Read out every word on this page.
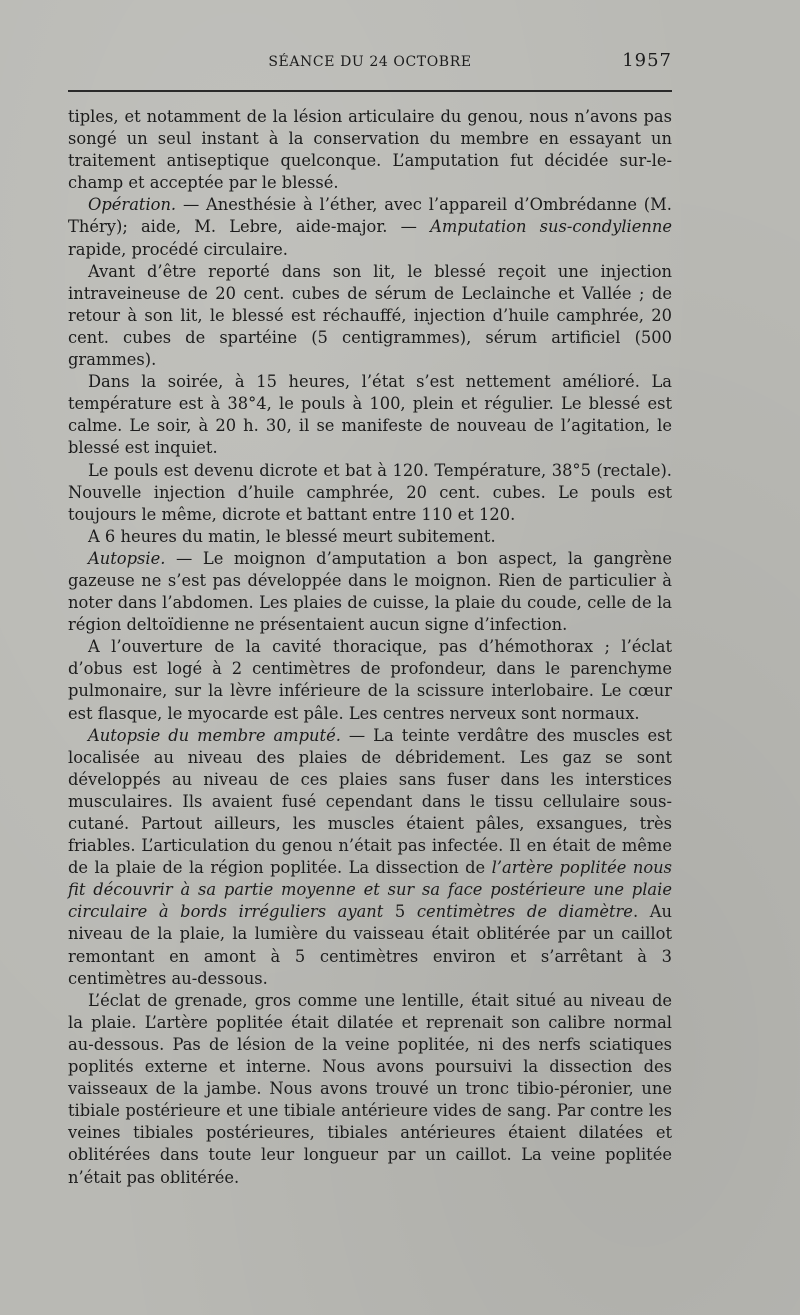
SÉANCE DU 24 OCTOBRE	1957

tiples, et notamment de la lésion articulaire du genou, nous n’avons pas songé un seul instant à la conservation du membre en essayant un traitement antiseptique quelconque. L’amputation fut décidée sur-le-champ et acceptée par le blessé.

Opération. — Anesthésie à l’éther, avec l’appareil d’Ombrédanne (M. Théry); aide, M. Lebre, aide-major. — Amputation sus-condylienne rapide, procédé circulaire.

Avant d’être reporté dans son lit, le blessé reçoit une injection intraveineuse de 20 cent. cubes de sérum de Leclainche et Vallée ; de retour à son lit, le blessé est réchauffé, injection d’huile camphrée, 20 cent. cubes de spartéine (5 centigrammes), sérum artificiel (500 grammes).

Dans la soirée, à 15 heures, l’état s’est nettement amélioré. La température est à 38°4, le pouls à 100, plein et régulier. Le blessé est calme. Le soir, à 20 h. 30, il se manifeste de nouveau de l’agitation, le blessé est inquiet.

Le pouls est devenu dicrote et bat à 120. Température, 38°5 (rectale). Nouvelle injection d’huile camphrée, 20 cent. cubes. Le pouls est toujours le même, dicrote et battant entre 110 et 120.

A 6 heures du matin, le blessé meurt subitement.

Autopsie. — Le moignon d’amputation a bon aspect, la gangrène gazeuse ne s’est pas développée dans le moignon. Rien de particulier à noter dans l’abdomen. Les plaies de cuisse, la plaie du coude, celle de la région deltoïdienne ne présentaient aucun signe d’infection.

A l’ouverture de la cavité thoracique, pas d’hémothorax ; l’éclat d’obus est logé à 2 centimètres de profondeur, dans le parenchyme pulmonaire, sur la lèvre inférieure de la scissure interlobaire. Le cœur est flasque, le myocarde est pâle. Les centres nerveux sont normaux.

Autopsie du membre amputé. — La teinte verdâtre des muscles est localisée au niveau des plaies de débridement. Les gaz se sont développés au niveau de ces plaies sans fuser dans les interstices musculaires. Ils avaient fusé cependant dans le tissu cellulaire sous-cutané. Partout ailleurs, les muscles étaient pâles, exsangues, très friables. L’articulation du genou n’était pas infectée. Il en était de même de la plaie de la région poplitée. La dissection de l’artère poplitée nous fit découvrir à sa partie moyenne et sur sa face postérieure une plaie circulaire à bords irréguliers ayant 5 centimètres de diamètre. Au niveau de la plaie, la lumière du vaisseau était oblitérée par un caillot remontant en amont à 5 centimètres environ et s’arrêtant à 3 centimètres au-dessous.

L’éclat de grenade, gros comme une lentille, était situé au niveau de la plaie. L’artère poplitée était dilatée et reprenait son calibre normal au-dessous. Pas de lésion de la veine poplitée, ni des nerfs sciatiques poplités externe et interne. Nous avons poursuivi la dissection des vaisseaux de la jambe. Nous avons trouvé un tronc tibio-péronier, une tibiale postérieure et une tibiale antérieure vides de sang. Par contre les veines tibiales postérieures, tibiales antérieures étaient dilatées et oblitérées dans toute leur longueur par un caillot. La veine poplitée n’était pas oblitérée.
